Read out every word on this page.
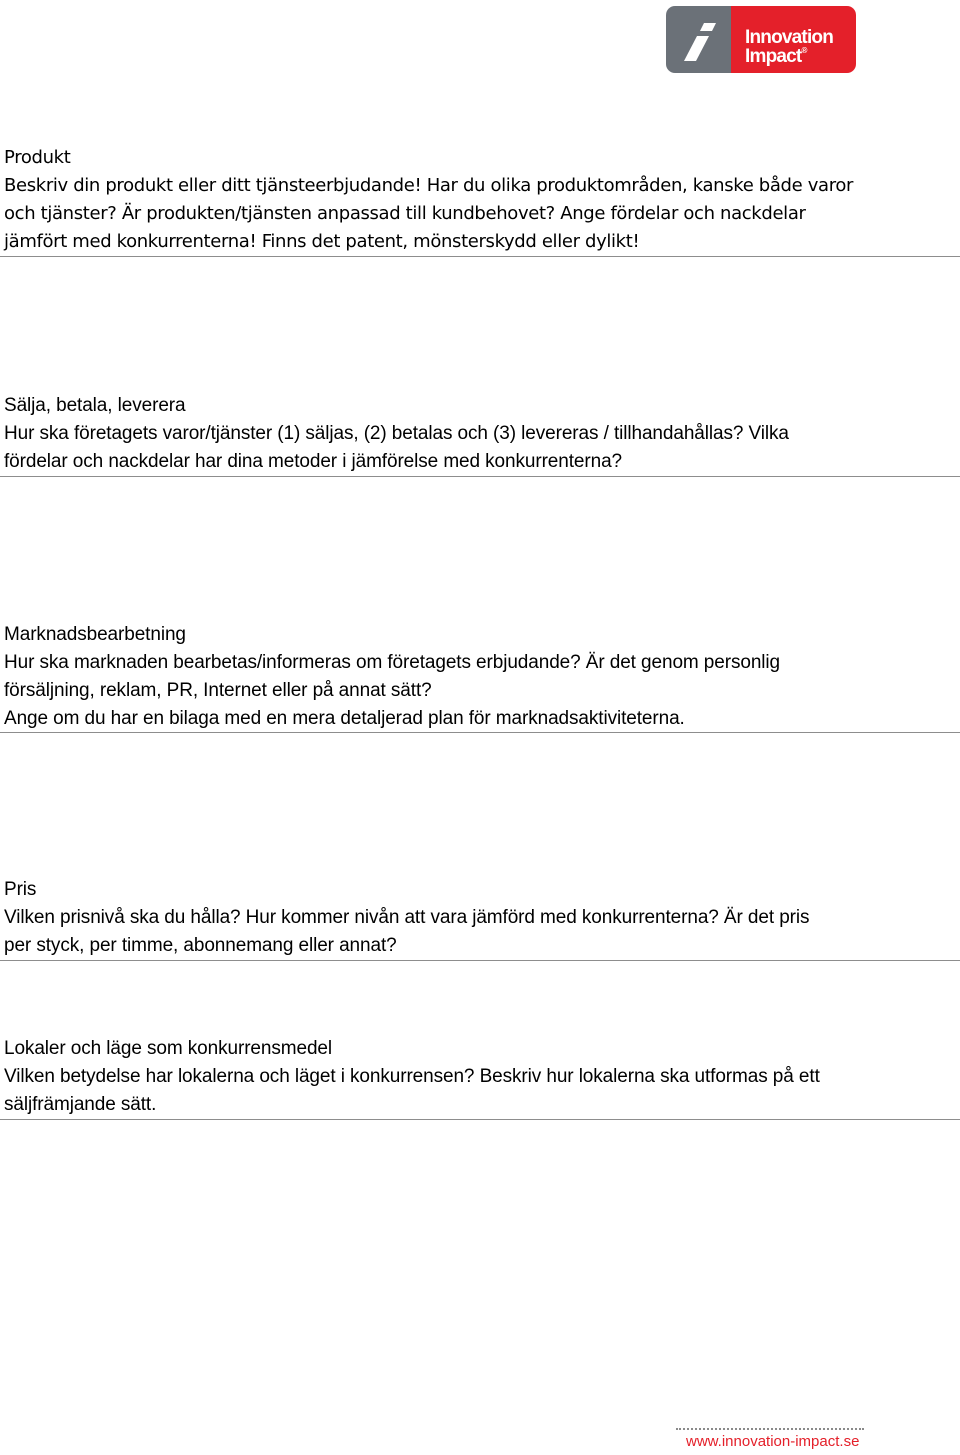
Innovation
Impact®
Produkt
Beskriv din produkt eller ditt tjänsteerbjudande! Har du olika produktområden, kanske både varor
och tjänster? Är produkten/tjänsten anpassad till kundbehovet? Ange fördelar och nackdelar
jämfört med konkurrenterna! Finns det patent, mönsterskydd eller dylikt!
Sälja, betala, leverera
Hur ska företagets varor/tjänster (1) säljas, (2) betalas och (3) levereras / tillhandahållas? Vilka
fördelar och nackdelar har dina metoder i jämförelse med konkurrenterna?
Marknadsbearbetning
Hur ska marknaden bearbetas/informeras om företagets erbjudande? Är det genom personlig
försäljning, reklam, PR, Internet eller på annat sätt?
Ange om du har en bilaga med en mera detaljerad plan för marknadsaktiviteterna.
Pris
Vilken prisnivå ska du hålla? Hur kommer nivån att vara jämförd med konkurrenterna? Är det pris
per styck, per timme, abonnemang eller annat?
Lokaler och läge som konkurrensmedel
Vilken betydelse har lokalerna och läget i konkurrensen? Beskriv hur lokalerna ska utformas på ett
säljfrämjande sätt.
www.innovation-impact.se
